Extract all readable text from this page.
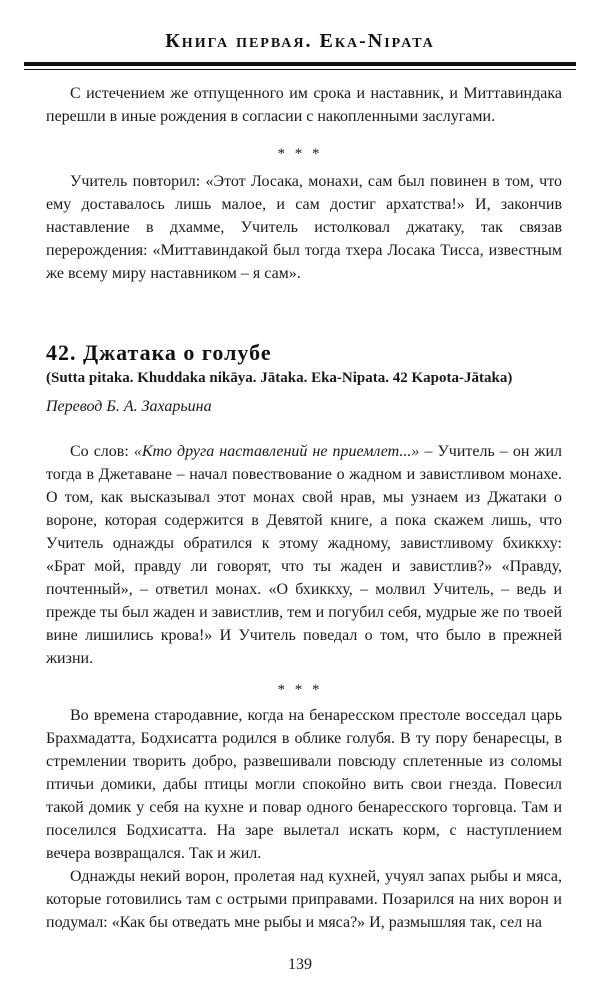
Книга первая. Ека-Nipata

С истечением же отпущенного им срока и наставник, и Миттавиндака перешли в иные рождения в согласии с накопленными заслугами.

* * *

Учитель повторил: «Этот Лосака, монахи, сам был повинен в том, что ему доставалось лишь малое, и сам достиг архатства!» И, закончив наставление в дхамме, Учитель истолковал джатаку, так связав перерождения: «Миттавиндакой был тогда тхера Лосака Тисса, известным же всему миру наставником – я сам».

42. Джатака о голубе
(Sutta pitaka. Khuddaka nikāya. Jātaka. Eka-Nipata. 42 Kapota-Jātaka)
Перевод Б. А. Захарьина

Со слов: «Кто друга наставлений не приемлет...» – Учитель – он жил тогда в Джетаване – начал повествование о жадном и завистливом монахе. О том, как высказывал этот монах свой нрав, мы узнаем из Джатаки о вороне, которая содержится в Девятой книге, а пока скажем лишь, что Учитель однажды обратился к этому жадному, завистливому бхиккху: «Брат мой, правду ли говорят, что ты жаден и завистлив?» «Правду, почтенный», – ответил монах. «О бхиккху, – молвил Учитель, – ведь и прежде ты был жаден и завистлив, тем и погубил себя, мудрые же по твоей вине лишились крова!» И Учитель поведал о том, что было в прежней жизни.

* * *

Во времена стародавние, когда на бенаресском престоле восседал царь Брахмадатта, Бодхисатта родился в облике голубя. В ту пору бенаресцы, в стремлении творить добро, развешивали повсюду сплетенные из соломы птичьи домики, дабы птицы могли спокойно вить свои гнезда. Повесил такой домик у себя на кухне и повар одного бенаресского торговца. Там и поселился Бодхисатта. На заре вылетал искать корм, с наступлением вечера возвращался. Так и жил.

Однажды некий ворон, пролетая над кухней, учуял запах рыбы и мяса, которые готовились там с острыми приправами. Позарился на них ворон и подумал: «Как бы отведать мне рыбы и мяса?» И, размышляя так, сел на

139
